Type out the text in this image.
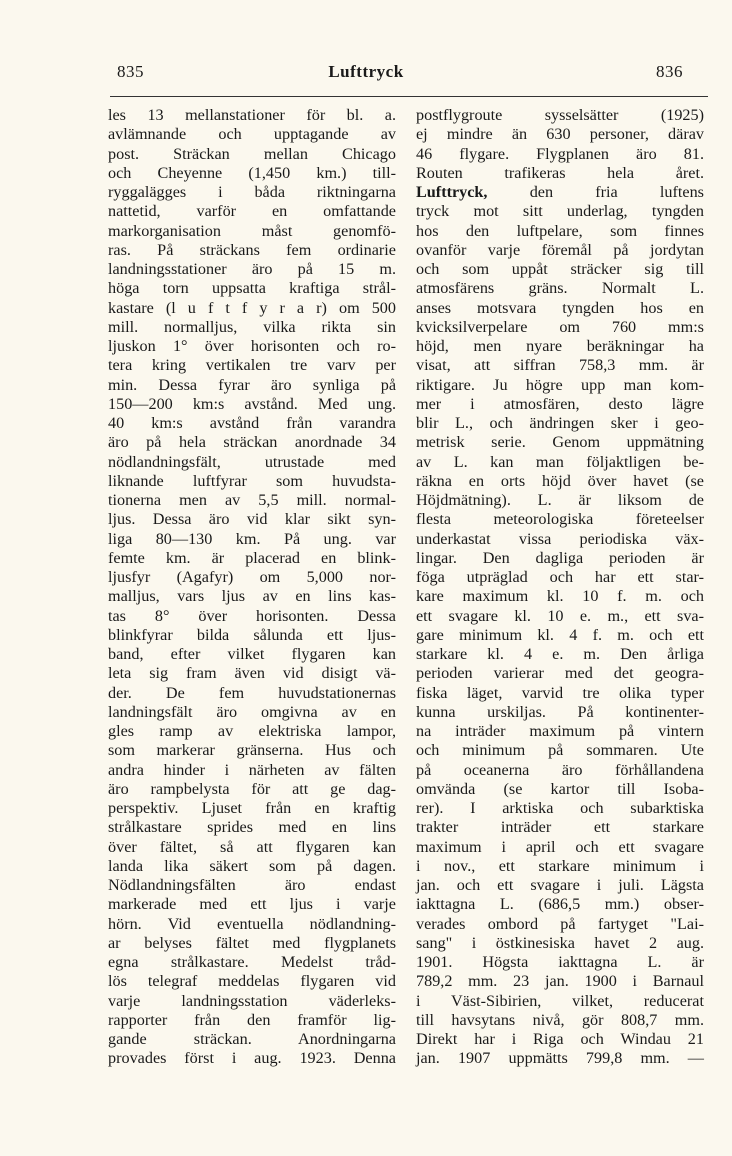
835	Lufttryck	836
les 13 mellanstationer för bl. a.
avlämnande och upptagande av
post. Sträckan mellan Chicago
och Cheyenne (1,450 km.) till-
ryggalägges i båda riktningarna
nattetid, varför en omfattande
markorganisation måst genomfö-
ras. På sträckans fem ordinarie
landningsstationer äro på 15 m.
höga torn uppsatta kraftiga strål-
kastare (l u f t f y r a r) om 500
mill. normalljus, vilka rikta sin
ljuskon 1° över horisonten och ro-
tera kring vertikalen tre varv per
min. Dessa fyrar äro synliga på
150—200 km:s avstånd. Med ung.
40 km:s avstånd från varandra
äro på hela sträckan anordnade 34
nödlandningsfält, utrustade med
liknande luftfyrar som huvudsta-
tionerna men av 5,5 mill. normal-
ljus. Dessa äro vid klar sikt syn-
liga 80—130 km. På ung. var
femte km. är placerad en blink-
ljusfyr (Agafyr) om 5,000 nor-
malljus, vars ljus av en lins kas-
tas 8° över horisonten. Dessa
blinkfyrar bilda sålunda ett ljus-
band, efter vilket flygaren kan
leta sig fram även vid disigt vä-
der. De fem huvudstationernas
landningsfält äro omgivna av en
gles ramp av elektriska lampor,
som markerar gränserna. Hus och
andra hinder i närheten av fälten
äro rampbelysta för att ge dag-
perspektiv. Ljuset från en kraftig
strålkastare sprides med en lins
över fältet, så att flygaren kan
landa lika säkert som på dagen.
Nödlandningsfälten äro endast
markerade med ett ljus i varje
hörn. Vid eventuella nödlandning-
ar belyses fältet med flygplanets
egna strålkastare. Medelst tråd-
lös telegraf meddelas flygaren vid
varje landningsstation väderleks-
rapporter från den framför lig-
gande sträckan. Anordningarna
provades först i aug. 1923. Denna
postflygroute sysselsätter (1925)
ej mindre än 630 personer, därav
46 flygare. Flygplanen äro 81.
Routen trafikeras hela året.
Lufttryck, den fria luftens
tryck mot sitt underlag, tyngden
hos den luftpelare, som finnes
ovanför varje föremål på jordytan
och som uppåt sträcker sig till
atmosfärens gräns. Normalt L.
anses motsvara tyngden hos en
kvicksilverpelare om 760 mm:s
höjd, men nyare beräkningar ha
visat, att siffran 758,3 mm. är
riktigare. Ju högre upp man kom-
mer i atmosfären, desto lägre
blir L., och ändringen sker i geo-
metrisk serie. Genom uppmätning
av L. kan man följaktligen be-
räkna en orts höjd över havet (se
Höjdmätning). L. är liksom de
flesta meteorologiska företeelser
underkastat vissa periodiska väx-
lingar. Den dagliga perioden är
föga utpräglad och har ett star-
kare maximum kl. 10 f. m. och
ett svagare kl. 10 e. m., ett sva-
gare minimum kl. 4 f. m. och ett
starkare kl. 4 e. m. Den årliga
perioden varierar med det geogra-
fiska läget, varvid tre olika typer
kunna urskiljas. På kontinenter-
na inträder maximum på vintern
och minimum på sommaren. Ute
på oceanerna äro förhållandena
omvända (se kartor till Isoba-
rer). I arktiska och subarktiska
trakter inträder ett starkare
maximum i april och ett svagare
i nov., ett starkare minimum i
jan. och ett svagare i juli. Lägsta
iakttagna L. (686,5 mm.) obser-
verades ombord på fartyget "Lai-
sang" i östkinesiska havet 2 aug.
1901. Högsta iakttagna L. är
789,2 mm. 23 jan. 1900 i Barnaul
i Väst-Sibirien, vilket, reducerat
till havsytans nivå, gör 808,7 mm.
Direkt har i Riga och Windau 21
jan. 1907 uppmätts 799,8 mm. —
